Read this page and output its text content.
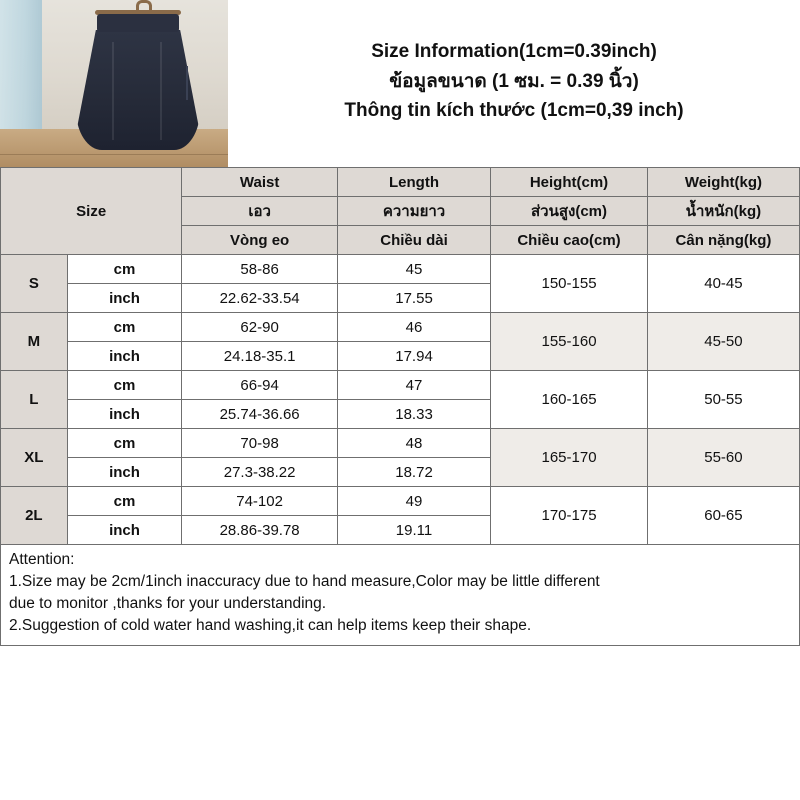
Size Information(1cm=0.39inch)
ข้อมูลขนาด (1 ซม. = 0.39 นิ้ว)
Thông tin kích thước (1cm=0,39 inch)
Size		Waist	Length	Height(cm)	Weight(kg)
		เอว	ความยาว	ส่วนสูง(cm)	น้ำหนัก(kg)
		Vòng eo	Chiều dài	Chiều cao(cm)	Cân nặng(kg)
S	cm	58-86	45	150-155	40-45
	inch	22.62-33.54	17.55		
M	cm	62-90	46	155-160	45-50
	inch	24.18-35.1	17.94		
L	cm	66-94	47	160-165	50-55
	inch	25.74-36.66	18.33		
XL	cm	70-98	48	165-170	55-60
	inch	27.3-38.22	18.72		
2L	cm	74-102	49	170-175	60-65
	inch	28.86-39.78	19.11		
Attention:
1.Size may be 2cm/1inch inaccuracy due to hand measure,Color may be little different
due to monitor ,thanks for your understanding.
2.Suggestion of cold water hand washing,it can help items keep their shape.
